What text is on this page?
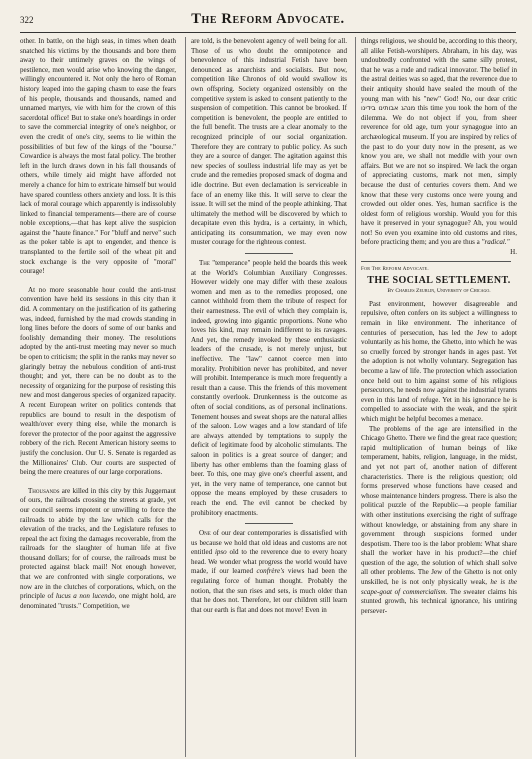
322	The Reform Advocate.

other. In battle, on the high seas, in times when death snatched his victims by the thousands and bore them away to their untimely graves on the wings of pestilence, men would arise who knowing the danger, willingly encountered it. Not only the hero of Roman history leaped into the gaping chasm to ease the fears of his people, thousands and thousands, named and unnamed martyrs, vie with him for the crown of this sacerdotal office! But to stake one's hoardings in order to save the commercial integrity of one's neighbor, or even the credit of one's city, seems to lie within the possibilities of but few of the kings of the "bourse." Cowardice is always the most fatal policy. The brother left in the lurch draws down in his fall thousands of others, while timely aid might have afforded not merely a chance for him to extricate himself but would have spared countless others anxiety and loss. It is this lack of moral courage which apparently is indissolubly linked to financial temperaments—there are of course noble exceptions,—that has kept alive the suspicion against the "haute finance." For "bluff and nerve" such as the poker table is apt to engender, and thence is transplanted to the fertile soil of the wheat pit and stock exchange is the very opposite of "moral" courage!

At no more seasonable hour could the anti-trust convention have held its sessions in this city than it did. A commentary on the justification of its gathering was, indeed, furnished by the mad crowds standing in long lines before the doors of some of our banks and foolishly demanding their money. The resolutions adopted by the anti-trust meeting may never so much be open to criticism; the split in the ranks may never so glaringly betray the nebulous condition of anti-trust thought; and yet, there can be no doubt as to the necessity of organizing for the purpose of resisting this new and most dangerous species of organized rapacity. A recent European writer on politics contends that republics are bound to result in the despotism of wealth/over every thing else, while the monarch is forever the protector of the poor against the aggressive robbery of the rich. Recent American history seems to justify the conclusion. Our U. S. Senate is regarded as the Millionaires' Club. Our courts are suspected of being the mere creatures of our large corporations.

Thousands are killed in this city by this Juggernaut of ours, the railroads crossing the streets at grade, yet our council seems impotent or unwilling to force the railroads to abide by the law which calls for the elevation of the tracks, and the Legislature refuses to repeal the act fixing the damages recoverable, from the railroads for the slaughter of human life at five thousand dollars; for of course, the railroads must be protected against black mail! Not enough however, that we are confronted with single corporations, we now are in the clutches of corporations, which, on the principle of lucus a non lucendo, one might hold, are denominated "trusts." Competition, we

are told, is the benevolent agency of well being for all. Those of us who doubt the omnipotence and benevolence of this industrial Fetish have been denounced as anarchists and socialists. But now, competition like Chronos of old would swallow its own offspring. Society organized ostensibly on the competitive system is asked to consent patiently to the suspension of competition. This cannot be brooked. If competition is benevolent, the people are entitled to the full benefit. The trusts are a clear anomaly to the recognized principle of our social organization. Therefore they are contrary to public policy. As such they are a source of danger. The agitation against this new species of soulless industrial life may as yet be crude and the remedies proposed smack of dogma and idle doctrine. But even declamation is serviceable in face of an enemy like this. It will serve to clear the issue. It will set the mind of the people athinking. That ultimately the method will be discovered by which to decapitate even this hydra, is a certainty, in which, anticipating its consummation, we may even now muster courage for the righteous contest.

The "temperance" people held the boards this week at the World's Columbian Auxiliary Congresses. However widely one may differ with these zealous women and men as to the remedies proposed, one cannot withhold from them the tribute of respect for their earnestness. The evil of which they complain is, indeed, growing into gigantic proportions. None who loves his kind, may remain indifferent to its ravages. And yet, the remedy invoked by these enthusiastic leaders of the crusade, is not merely unjust, but ineffective. The "law" cannot coerce men into morality. Prohibition never has prohibited, and never will prohibit. Intemperance is much more frequently a result than a cause. This the friends of this movement constantly overlook. Drunkenness is the outcome as often of social conditions, as of personal inclinations. Tenement houses and sweat shops are the natural allies of the saloon. Low wages and a low standard of life are always attended by temptations to supply the deficit of legitimate food by alcoholic stimulants. The saloon in politics is a great source of danger; and liberty has other emblems than the foaming glass of beer. To this, one may give one's cheerful assent, and yet, in the very name of temperance, one cannot but oppose the means employed by these crusaders to reach the end. The evil cannot be checked by prohibitory enactments.

One of our dear contemporaries is dissatisfied with us because we hold that old ideas and customs are not entitled ipso old to the reverence due to every hoary head. We wonder what progress the world would have made, if our learned confrère's views had been the regulating force of human thought. Probably the notion, that the sun rises and sets, is much older than that he does not. Therefore, let our children still learn that our earth is flat and does not move! Even in

things religious, we should be, according to this theory, all alike Fetish-worshipers. Abraham, in his day, was undoubtedly confronted with the same silly protest, that he was a rude and radical innovator. The belief in the astral deities was so aged, that the reverence due to their antiquity should have sealed the mouth of the young man with his "new" God! No, our dear critic מנהג אבותינו בידינו this time you took the horn of the dilemma. We do not object if you, from sheer reverence for old age, turn your synagogue into an archæological museum. If you are inspired by relics of the past to do your duty now in the present, as we know you are, we shall not meddle with your own affairs. But we are not so inspired. We lack the organ of appreciating customs, mark not men, simply because the dust of centuries covers them. And we know that these very customs once were young and crowded out older ones. Yes, human sacrifice is the oldest form of religious worship. Would you for this have it preserved in your synagogue? Ah, you would not! So even you examine into old customs and rites, before practicing them; and you are thus a "radical."

H.

For The Reform Advocate.

THE SOCIAL SETTLEMENT.

By Charles Zeublin, University of Chicago.

Past environment, however disagreeable and repulsive, often confers on its subject a willingness to remain in like environment. The inheritance of centuries of persecution, has led the Jew to adopt voluntarily as his home, the Ghetto, into which he was so cruelly forced by stronger hands in ages past. Yet the adoption is not wholly voluntary. Segregation has become a law of life. The protection which association once held out to him against some of his religious persecutors, he needs now against the industrial tyrants even in this land of refuge. Yet in his ignorance he is compelled to associate with the weak, and the spirit which might be helpful becomes a menace.

The problems of the age are intensified in the Chicago Ghetto. There we find the great race question; rapid multiplication of human beings of like temperament, habits, religion, language, in the midst, and yet not part of, another nation of different characteristics. There is the religious question; old forms preserved whose functions have ceased and whose maintenance hinders progress. There is also the political puzzle of the Republic—a people familiar with other institutions exercising the right of suffrage without knowledge, or abstaining from any share in government through suspicions formed under despotism. There too is the labor problem: What share shall the worker have in his product?—the chief question of the age, the solution of which shall solve all other problems. The Jew of the Ghetto is not only unskilled, he is not only physically weak, he is the scape-goat of commercialism. The sweater claims his stunted growth, his technical ignorance, his untiring persever-
